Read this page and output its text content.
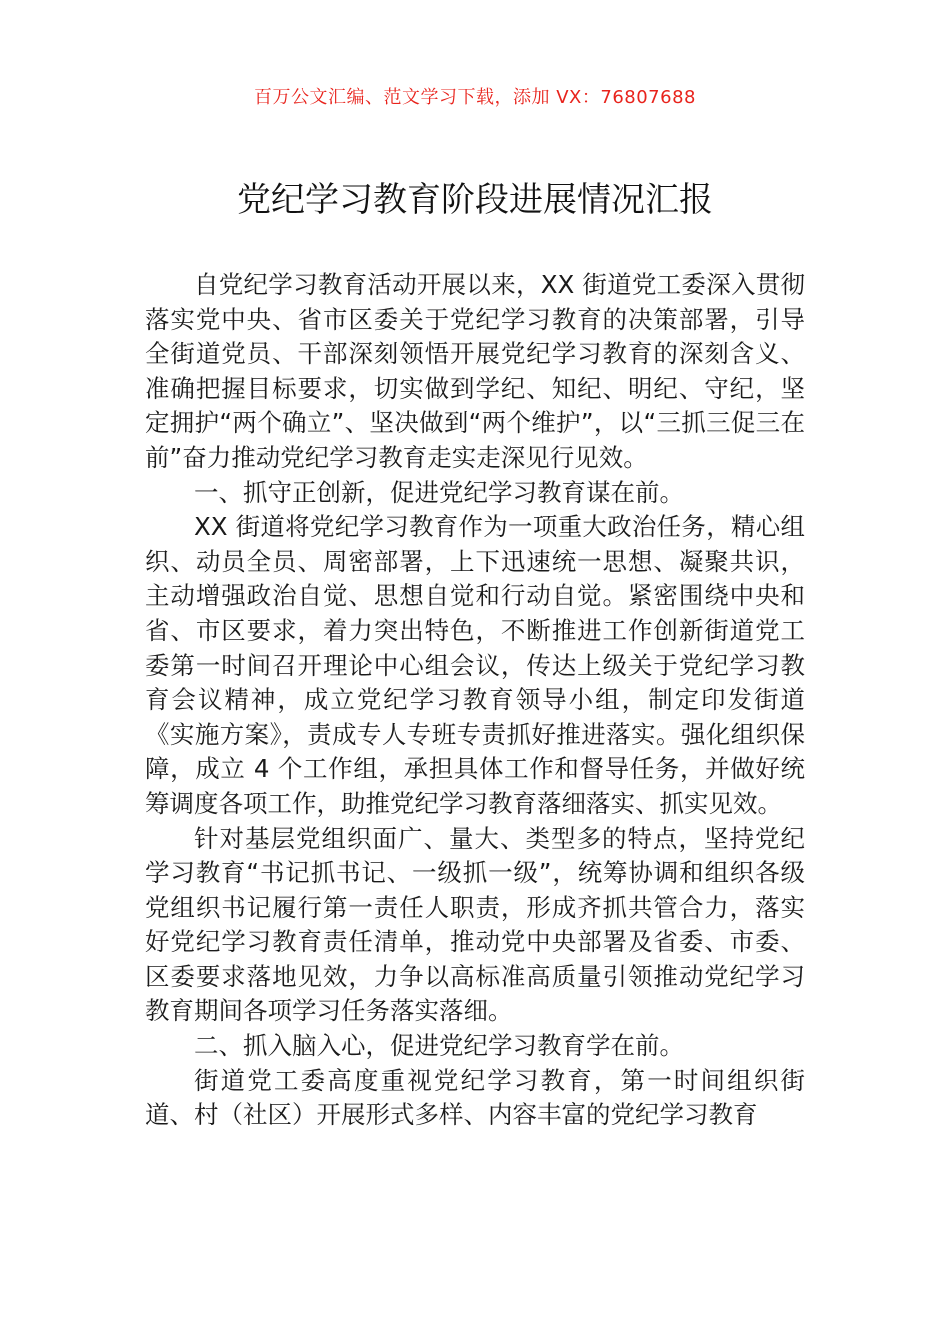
百万公文汇编、范文学习下载，添加 VX：76807688
党纪学习教育阶段进展情况汇报

自党纪学习教育活动开展以来，XX 街道党工委深入贯彻落实党中央、省市区委关于党纪学习教育的决策部署，引导全街道党员、干部深刻领悟开展党纪学习教育的深刻含义、准确把握目标要求，切实做到学纪、知纪、明纪、守纪，坚定拥护“两个确立”、坚决做到“两个维护”，以“三抓三促三在前”奋力推动党纪学习教育走实走深见行见效。

一、抓守正创新，促进党纪学习教育谋在前。

XX 街道将党纪学习教育作为一项重大政治任务，精心组织、动员全员、周密部署，上下迅速统一思想、凝聚共识，主动增强政治自觉、思想自觉和行动自觉。紧密围绕中央和省、市区要求，着力突出特色，不断推进工作创新街道党工委第一时间召开理论中心组会议，传达上级关于党纪学习教育会议精神，成立党纪学习教育领导小组，制定印发街道《实施方案》，责成专人专班专责抓好推进落实。强化组织保障，成立 4 个工作组，承担具体工作和督导任务，并做好统筹调度各项工作，助推党纪学习教育落细落实、抓实见效。

针对基层党组织面广、量大、类型多的特点，坚持党纪学习教育“书记抓书记、一级抓一级”，统筹协调和组织各级党组织书记履行第一责任人职责，形成齐抓共管合力，落实好党纪学习教育责任清单，推动党中央部署及省委、市委、区委要求落地见效，力争以高标准高质量引领推动党纪学习教育期间各项学习任务落实落细。

二、抓入脑入心，促进党纪学习教育学在前。

街道党工委高度重视党纪学习教育，第一时间组织街道、村（社区）开展形式多样、内容丰富的党纪学习教育
